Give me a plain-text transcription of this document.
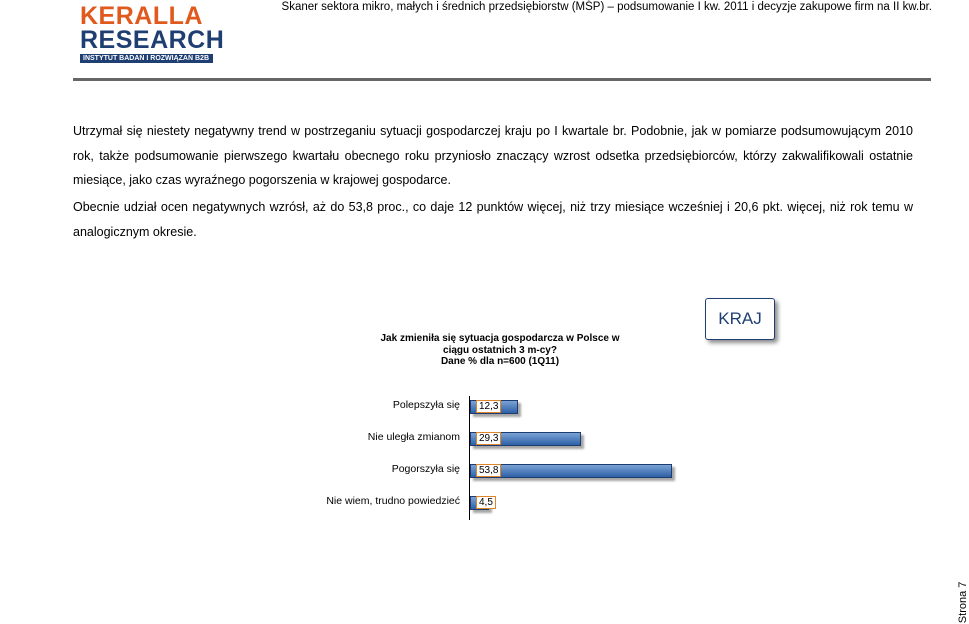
KERALLA
RESEARCH
INSTYTUT BADAŃ I ROZWIĄZAŃ B2B
Skaner sektora mikro, małych i średnich przedsiębiorstw (MŚP) – podsumowanie I kw. 2011 i decyzje zakupowe firm na II kw.br.
Utrzymał się niestety negatywny trend w postrzeganiu sytuacji gospodarczej kraju po I kwartale br. Podobnie, jak w pomiarze podsumowującym 2010 rok, także podsumowanie pierwszego kwartału obecnego roku przyniosło znaczący wzrost odsetka przedsiębiorców, którzy zakwalifikowali ostatnie miesiące, jako czas wyraźnego pogorszenia w krajowej gospodarce.
Obecnie udział ocen negatywnych wzrósł, aż do 53,8 proc., co daje 12 punktów więcej, niż trzy miesiące wcześniej i 20,6 pkt. więcej, niż rok temu w analogicznym okresie.
KRAJ
Jak zmieniła się sytuacja gospodarcza w Polsce w ciągu ostatnich 3 m-cy?
Dane % dla n=600 (1Q11)
Polepszyła się	12,3
Nie uległa zmianom	29,3
Pogorszyła się	53,8
Nie wiem, trudno powiedzieć	4,5
Strona 7
